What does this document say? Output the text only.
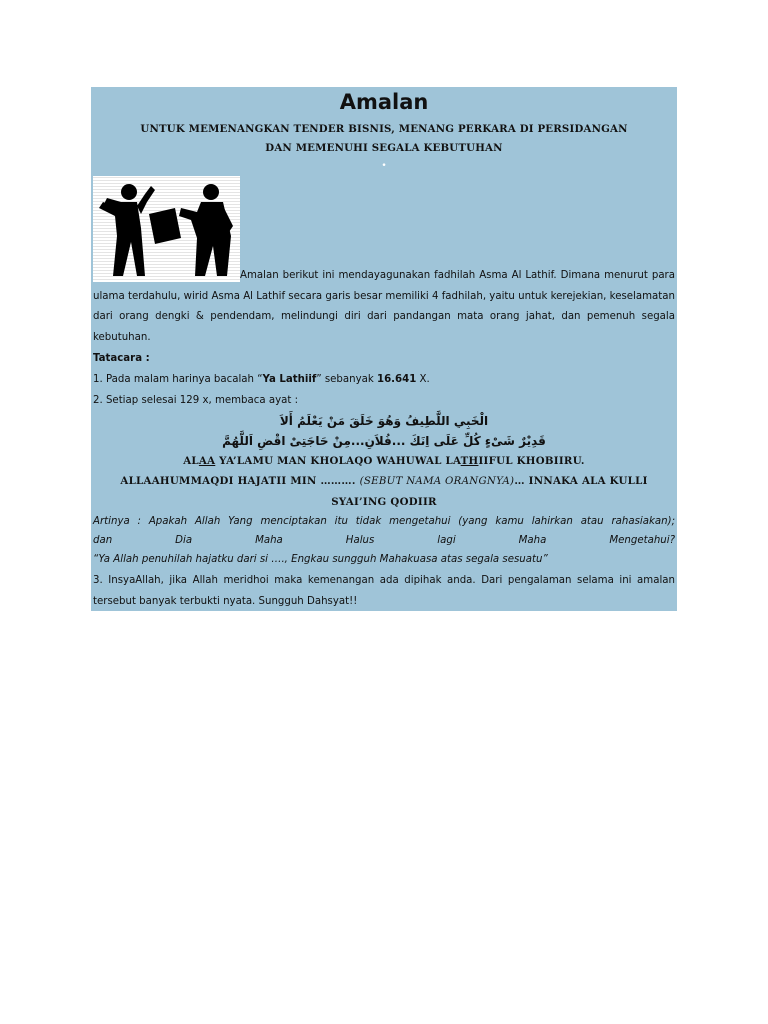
Amalan
UNTUK MEMENANGKAN TENDER BISNIS, MENANG PERKARA DI PERSIDANGAN
DAN MEMENUHI SEGALA KEBUTUHAN
•

Amalan berikut ini mendayagunakan fadhilah Asma Al Lathif. Dimana menurut para ulama terdahulu, wirid Asma Al Lathif secara garis besar memiliki 4 fadhilah, yaitu untuk kerejekian, keselamatan dari orang dengki & pendendam, melindungi diri dari pandangan mata orang jahat, dan pemenuh segala kebutuhan.

Tatacara :
1. Pada malam harinya bacalah “Ya Lathiif” sebanyak 16.641 X.
2. Setiap selesai 129 x, membaca ayat :
الْخَبِي اللَّطِيفُ وَهُوَ خَلَقَ مَنْ يَعْلَمُ أَلاَ
قَدِيْرٌ شَىْءٍ كُلِّ عَلَى اِنَكَ ...فُلاَنِ...مِنْ حَاجَتِىْ اقْضِ اَللَّهُمَّ
ALAA YA’LAMU MAN KHOLAQO WAHUWAL LATHIIFUL KHOBIIRU.
ALLAAHUMMAQDI HAJATII MIN ………. (SEBUT NAMA ORANGNYA)… INNAKA ALA KULLI
SYAI’ING QODIIR
Artinya : Apakah Allah Yang menciptakan itu tidak mengetahui (yang kamu lahirkan atau rahasiakan);
dan Dia Maha Halus lagi Maha Mengetahui?
“Ya Allah penuhilah hajatku dari si …., Engkau sungguh Mahakuasa atas segala sesuatu”
3. InsyaAllah, jika Allah meridhoi maka kemenangan ada dipihak anda. Dari pengalaman selama ini amalan tersebut banyak terbukti nyata. Sungguh Dahsyat!!
